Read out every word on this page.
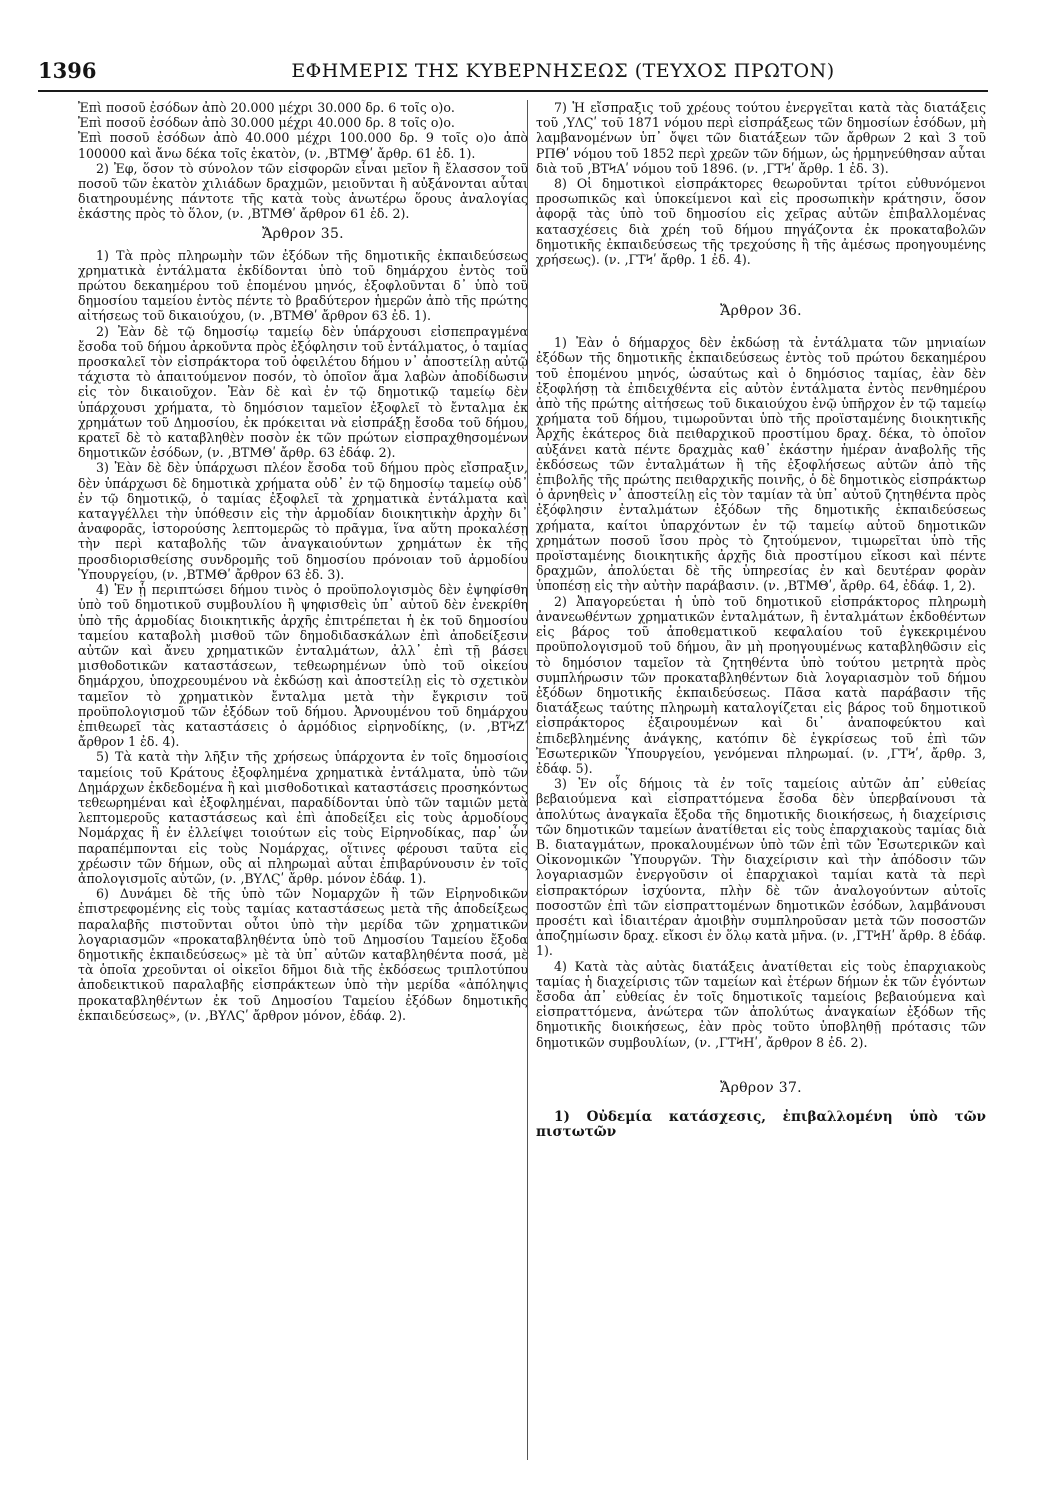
1396	ΕΦΗΜΕΡΙΣ ΤΗΣ ΚΥΒΕΡΝΗΣΕΩΣ (ΤΕΥΧΟΣ ΠΡΩΤΟΝ)

Ἐπὶ ποσοῦ ἐσόδων ἀπὸ 20.000 μέχρι 30.000 δρ. 6 τοῖς ο)ο.

Ἐπὶ ποσοῦ ἐσόδων ἀπὸ 30.000 μέχρι 40.000 δρ. 8 τοῖς ο)ο.

Ἐπὶ ποσοῦ ἐσόδων ἀπὸ 40.000 μέχρι 100.000 δρ. 9 τοῖς ο)ο ἀπὸ 100000 καὶ ἄνω δέκα τοῖς ἑκατὸν, (ν. ‚ΒΤΜΘʹ ἄρθρ. 61 ἐδ. 1).

2) Ἐφ, ὅσον τὸ σύνολον τῶν εἰσφορῶν εἶναι μεῖον ἢ ἔλασσον τοῦ ποσοῦ τῶν ἑκατὸν χιλιάδων δραχμῶν, μειοῦνται ἢ αὐξάνονται αὗται διατηρουμένης πάντοτε τῆς κατὰ τοὺς ἀνωτέρω ὅρους ἀναλογίας ἑκάστης πρὸς τὸ ὅλον, (ν. ‚ΒΤΜΘʹ ἄρθρον 61 ἐδ. 2).

Ἄρθρον 35.

1) Τὰ πρὸς πληρωμὴν τῶν ἐξόδων τῆς δημοτικῆς ἐκπαιδεύσεως χρηματικὰ ἐντάλματα ἐκδίδονται ὑπὸ τοῦ δημάρχου ἐντὸς τοῦ πρώτου δεκαημέρου τοῦ ἑπομένου μηνός, ἐξοφλοῦνται δ᾽ ὑπὸ τοῦ δημοσίου ταμείου ἐντὸς πέντε τὸ βραδύτερον ἡμερῶν ἀπὸ τῆς πρώτης αἰτήσεως τοῦ δικαιούχου, (ν. ‚ΒΤΜΘʹ ἄρθρον 63 ἐδ. 1).

2) Ἐὰν δὲ τῷ δημοσίῳ ταμείῳ δὲν ὑπάρχουσι εἰσπεπραγμένα ἔσοδα τοῦ δήμου ἀρκοῦντα πρὸς ἐξόφλησιν τοῦ ἐντάλματος, ὁ ταμίας προσκαλεῖ τὸν εἰσπράκτορα τοῦ ὀφειλέτου δήμου ν᾽ ἀποστείλῃ αὐτῷ τάχιστα τὸ ἀπαιτούμενον ποσόν, τὸ ὁποῖον ἅμα λαβὼν ἀποδίδωσιν εἰς τὸν δικαιοῦχον. Ἐὰν δὲ καὶ ἐν τῷ δημοτικῷ ταμείῳ δὲν ὑπάρχουσι χρήματα, τὸ δημόσιον ταμεῖον ἐξοφλεῖ τὸ ἔνταλμα ἐκ χρημάτων τοῦ Δημοσίου, ἐκ πρόκειται νὰ εἰσπράξῃ ἔσοδα τοῦ δήμου, κρατεῖ δὲ τὸ καταβληθὲν ποσὸν ἐκ τῶν πρώτων εἰσπραχθησομένων δημοτικῶν ἐσόδων, (ν. ‚ΒΤΜΘʹ ἄρθρ. 63 ἐδάφ. 2).

3) Ἐὰν δὲ δὲν ὑπάρχωσι πλέον ἔσοδα τοῦ δήμου πρὸς εἴσπραξιν, δὲν ὑπάρχωσι δὲ δημοτικὰ χρήματα οὐδ᾽ ἐν τῷ δημοσίῳ ταμείῳ οὐδ᾽ ἐν τῷ δημοτικῷ, ὁ ταμίας ἐξοφλεῖ τὰ χρηματικὰ ἐντάλματα καὶ καταγγέλλει τὴν ὑπόθεσιν εἰς τὴν ἁρμοδίαν διοικητικὴν ἀρχὴν δι᾽ ἀναφορᾶς, ἱστορούσης λεπτομερῶς τὸ πρᾶγμα, ἵνα αὕτη προκαλέσῃ τὴν περὶ καταβολῆς τῶν ἀναγκαιούντων χρημάτων ἐκ τῆς προσδιορισθείσης συνδρομῆς τοῦ δημοσίου πρόνοιαν τοῦ ἁρμοδίου Ὑπουργείου, (ν. ‚ΒΤΜΘʹ ἄρθρον 63 ἐδ. 3).

4) Ἐν ᾗ περιπτώσει δήμου τινὸς ὁ προϋπολογισμὸς δὲν ἐψηφίσθη ὑπὸ τοῦ δημοτικοῦ συμβουλίου ἢ ψηφισθεὶς ὑπ᾽ αὐτοῦ δὲν ἐνεκρίθη ὑπὸ τῆς ἁρμοδίας διοικητικῆς ἀρχῆς ἐπιτρέπεται ἡ ἐκ τοῦ δημοσίου ταμείου καταβολὴ μισθοῦ τῶν δημοδιδασκάλων ἐπὶ ἀποδείξεσιν αὐτῶν καὶ ἄνευ χρηματικῶν ἐνταλμάτων, ἀλλ᾽ ἐπὶ τῇ βάσει μισθοδοτικῶν καταστάσεων, τεθεωρημένων ὑπὸ τοῦ οἰκείου δημάρχου, ὑποχρεουμένου νὰ ἐκδώσῃ καὶ ἀποστείλῃ εἰς τὸ σχετικὸν ταμεῖον τὸ χρηματικὸν ἔνταλμα μετὰ τὴν ἔγκρισιν τοῦ προϋπολογισμοῦ τῶν ἐξόδων τοῦ δήμου. Ἀρνουμένου τοῦ δημάρχου ἐπιθεωρεῖ τὰς καταστάσεις ὁ ἁρμόδιος εἰρηνοδίκης, (ν. ‚ΒΤϞΖʹ ἄρθρον 1 ἐδ. 4).

5) Τὰ κατὰ τὴν λῆξιν τῆς χρήσεως ὑπάρχοντα ἐν τοῖς δημοσίοις ταμείοις τοῦ Κράτους ἐξοφλημένα χρηματικὰ ἐντάλματα, ὑπὸ τῶν Δημάρχων ἐκδεδομένα ἢ καὶ μισθοδοτικαὶ καταστάσεις προσηκόντως τεθεωρημέναι καὶ ἐξοφλημέναι, παραδίδονται ὑπὸ τῶν ταμιῶν μετὰ λεπτομεροῦς καταστάσεως καὶ ἐπὶ ἀποδείξει εἰς τοὺς ἁρμοδίους Νομάρχας ἢ ἐν ἐλλείψει τοιούτων εἰς τοὺς Εἰρηνοδίκας, παρ᾽ ὧν παραπέμπονται εἰς τοὺς Νομάρχας, οἵτινες φέρουσι ταῦτα εἰς χρέωσιν τῶν δήμων, οὓς αἱ πληρωμαὶ αὗται ἐπιβαρύνουσιν ἐν τοῖς ἀπολογισμοῖς αὐτῶν, (ν. ‚ΒΥΛϚʹ ἄρθρ. μόνον ἐδάφ. 1).

6) Δυνάμει δὲ τῆς ὑπὸ τῶν Νομαρχῶν ἢ τῶν Εἰρηνοδικῶν ἐπιστρεφομένης εἰς τοὺς ταμίας καταστάσεως μετὰ τῆς ἀποδείξεως παραλαβῆς πιστοῦνται οὗτοι ὑπὸ τὴν μερίδα τῶν χρηματικῶν λογαριασμῶν «προκαταβληθέντα ὑπὸ τοῦ Δημοσίου Ταμείου ἔξοδα δημοτικῆς ἐκπαιδεύσεως» μὲ τὰ ὑπ᾽ αὐτῶν καταβληθέντα ποσά, μὲ τὰ ὁποῖα χρεοῦνται οἱ οἰκεῖοι δῆμοι διὰ τῆς ἐκδόσεως τριπλοτύπου ἀποδεικτικοῦ παραλαβῆς εἰσπράκτεων ὑπὸ τὴν μερίδα «ἀπόληψις προκαταβληθέντων ἐκ τοῦ Δημοσίου Ταμείου ἐξόδων δημοτικῆς ἐκπαιδεύσεως», (ν. ‚ΒΥΛϚʹ ἄρθρον μόνον, ἐδάφ. 2).

7) Ἡ εἴσπραξις τοῦ χρέους τούτου ἐνεργεῖται κατὰ τὰς διατάξεις τοῦ ‚ΥΛϚʹ τοῦ 1871 νόμου περὶ εἰσπράξεως τῶν δημοσίων ἐσόδων, μὴ λαμβανομένων ὑπ᾽ ὄψει τῶν διατάξεων τῶν ἄρθρων 2 καὶ 3 τοῦ ΡΠΘʹ νόμου τοῦ 1852 περὶ χρεῶν τῶν δήμων, ὡς ἡρμηνεύθησαν αὗται διὰ τοῦ ‚ΒΤϞΑʹ νόμου τοῦ 1896. (ν. ‚ΓΤϞʹ ἄρθρ. 1 ἐδ. 3).

8) Οἱ δημοτικοὶ εἰσπράκτορες θεωροῦνται τρίτοι εὐθυνόμενοι προσωπικῶς καὶ ὑποκείμενοι καὶ εἰς προσωπικὴν κράτησιν, ὅσον ἀφορᾷ τὰς ὑπὸ τοῦ δημοσίου εἰς χεῖρας αὐτῶν ἐπιβαλλομένας κατασχέσεις διὰ χρέη τοῦ δήμου πηγάζοντα ἐκ προκαταβολῶν δημοτικῆς ἐκπαιδεύσεως τῆς τρεχούσης ἢ τῆς ἀμέσως προηγουμένης χρήσεως). (ν. ‚ΓΤϞʹ ἄρθρ. 1 ἐδ. 4).

Ἄρθρον 36.

1) Ἐὰν ὁ δήμαρχος δὲν ἐκδώσῃ τὰ ἐντάλματα τῶν μηνιαίων ἐξόδων τῆς δημοτικῆς ἐκπαιδεύσεως ἐντὸς τοῦ πρώτου δεκαημέρου τοῦ ἑπομένου μηνός, ὡσαύτως καὶ ὁ δημόσιος ταμίας, ἐὰν δὲν ἐξοφλήσῃ τὰ ἐπιδειχθέντα εἰς αὐτὸν ἐντάλματα ἐντὸς πενθημέρου ἀπὸ τῆς πρώτης αἰτήσεως τοῦ δικαιούχου ἐνῷ ὑπῆρχον ἐν τῷ ταμείῳ χρήματα τοῦ δήμου, τιμωροῦνται ὑπὸ τῆς προϊσταμένης διοικητικῆς Ἀρχῆς ἑκάτερος διὰ πειθαρχικοῦ προστίμου δραχ. δέκα, τὸ ὁποῖον αὐξάνει κατὰ πέντε δραχμὰς καθ᾽ ἑκάστην ἡμέραν ἀναβολῆς τῆς ἐκδόσεως τῶν ἐνταλμάτων ἢ τῆς ἐξοφλήσεως αὐτῶν ἀπὸ τῆς ἐπιβολῆς τῆς πρώτης πειθαρχικῆς ποινῆς, ὁ δὲ δημοτικὸς εἰσπράκτωρ ὁ ἀρνηθεὶς ν᾽ ἀποστείλῃ εἰς τὸν ταμίαν τὰ ὑπ᾽ αὐτοῦ ζητηθέντα πρὸς ἐξόφλησιν ἐνταλμάτων ἐξόδων τῆς δημοτικῆς ἐκπαιδεύσεως χρήματα, καίτοι ὑπαρχόντων ἐν τῷ ταμείῳ αὐτοῦ δημοτικῶν χρημάτων ποσοῦ ἴσου πρὸς τὸ ζητούμενον, τιμωρεῖται ὑπὸ τῆς προϊσταμένης διοικητικῆς ἀρχῆς διὰ προστίμου εἴκοσι καὶ πέντε δραχμῶν, ἀπολύεται δὲ τῆς ὑπηρεσίας ἐν καὶ δευτέραν φορὰν ὑποπέσῃ εἰς τὴν αὐτὴν παράβασιν. (ν. ‚ΒΤΜΘʹ, ἄρθρ. 64, ἐδάφ. 1, 2).

2) Ἀπαγορεύεται ἡ ὑπὸ τοῦ δημοτικοῦ εἰσπράκτορος πληρωμὴ ἀνανεωθέντων χρηματικῶν ἐνταλμάτων, ἢ ἐνταλμάτων ἐκδοθέντων εἰς βάρος τοῦ ἀποθεματικοῦ κεφαλαίου τοῦ ἐγκεκριμένου προϋπολογισμοῦ τοῦ δήμου, ἂν μὴ προηγουμένως καταβληθῶσιν εἰς τὸ δημόσιον ταμεῖον τὰ ζητηθέντα ὑπὸ τούτου μετρητὰ πρὸς συμπλήρωσιν τῶν προκαταβληθέντων διὰ λογαριασμὸν τοῦ δήμου ἐξόδων δημοτικῆς ἐκπαιδεύσεως. Πᾶσα κατὰ παράβασιν τῆς διατάξεως ταύτης πληρωμὴ καταλογίζεται εἰς βάρος τοῦ δημοτικοῦ εἰσπράκτορος ἐξαιρουμένων καὶ δι᾽ ἀναποφεύκτου καὶ ἐπιδεβλημένης ἀνάγκης, κατόπιν δὲ ἐγκρίσεως τοῦ ἐπὶ τῶν Ἐσωτερικῶν Ὑπουργείου, γενόμεναι πληρωμαί. (ν. ‚ΓΤϞʹ, ἄρθρ. 3, ἐδάφ. 5).

3) Ἐν οἷς δήμοις τὰ ἐν τοῖς ταμείοις αὐτῶν ἀπ᾽ εὐθείας βεβαιούμενα καὶ εἰσπραττόμενα ἔσοδα δὲν ὑπερβαίνουσι τὰ ἀπολύτως ἀναγκαῖα ἔξοδα τῆς δημοτικῆς διοικήσεως, ἡ διαχείρισις τῶν δημοτικῶν ταμείων ἀνατίθεται εἰς τοὺς ἐπαρχιακοὺς ταμίας διὰ Β. διαταγμάτων, προκαλουμένων ὑπὸ τῶν ἐπὶ τῶν Ἐσωτερικῶν καὶ Οἰκονομικῶν Ὑπουργῶν. Τὴν διαχείρισιν καὶ τὴν ἀπόδοσιν τῶν λογαριασμῶν ἐνεργοῦσιν οἱ ἐπαρχιακοὶ ταμίαι κατὰ τὰ περὶ εἰσπρακτόρων ἰσχύοντα, πλὴν δὲ τῶν ἀναλογούντων αὐτοῖς ποσοστῶν ἐπὶ τῶν εἰσπραττομένων δημοτικῶν ἐσόδων, λαμβάνουσι προσέτι καὶ ἰδιαιτέραν ἀμοιβὴν συμπληροῦσαν μετὰ τῶν ποσοστῶν ἀποζημίωσιν δραχ. εἴκοσι ἐν ὅλῳ κατὰ μῆνα. (ν. ‚ΓΤϞΗʹ ἄρθρ. 8 ἐδάφ. 1).

4) Κατὰ τὰς αὐτὰς διατάξεις ἀνατίθεται εἰς τοὺς ἐπαρχιακοὺς ταμίας ἡ διαχείρισις τῶν ταμείων καὶ ἑτέρων δήμων ἐκ τῶν ἐγόντων ἔσοδα ἀπ᾽ εὐθείας ἐν τοῖς δημοτικοῖς ταμείοις βεβαιούμενα καὶ εἰσπραττόμενα, ἀνώτερα τῶν ἀπολύτως ἀναγκαίων ἐξόδων τῆς δημοτικῆς διοικήσεως, ἐὰν πρὸς τοῦτο ὑποβληθῇ πρότασις τῶν δημοτικῶν συμβουλίων, (ν. ‚ΓΤϞΗʹ, ἄρθρον 8 ἐδ. 2).

Ἄρθρον 37.

1) Οὐδεμία κατάσχεσις, ἐπιβαλλομένη ὑπὸ τῶν πιστωτῶν
